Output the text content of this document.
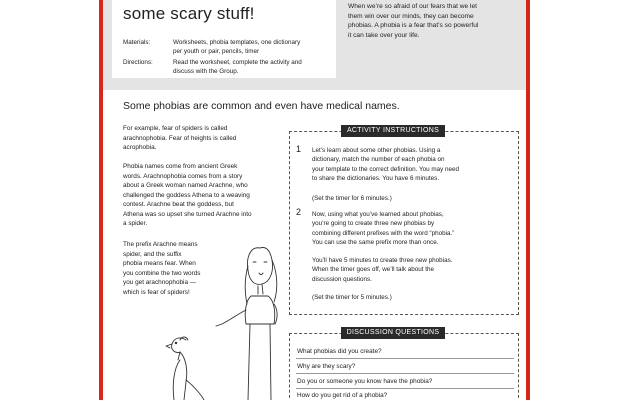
some scary stuff!
Materials:	Worksheets, phobia templates, one dictionary
per youth or pair, pencils, timer
Directions:	Read the worksheet, complete the activity and
discuss with the Group.
When we’re so afraid of our fears that we let
them win over our minds, they can become
phobias. A phobia is a fear that’s so powerful
it can take over your life.
Some phobias are common and even have medical names.
For example, fear of spiders is called
arachnophobia. Fear of heights is called
acrophobia.
Phobia names come from ancient Greek
words. Arachnophobia comes from a story
about a Greek woman named Arachne, who
challenged the goddess Athena to a weaving
contest. Arachne beat the goddess, but
Athena was so upset she turned Arachne into
a spider.
The prefix Arachne means
spider, and the suffix
phobia means fear. When
you combine the two words
you get arachnophobia —
which is fear of spiders!
ACTIVITY INSTRUCTIONS
1 Let’s learn about some other phobias. Using a
dictionary, match the number of each phobia on
your template to the correct definition. You may need
to share the dictionaries. You have 6 minutes.
(Set the timer for 6 minutes.)
2 Now, using what you’ve learned about phobias,
you’re going to create three new phobias by
combining different prefixes with the word “phobia.”
You can use the same prefix more than once.
You’ll have 5 minutes to create three new phobias.
When the timer goes off, we’ll talk about the
discussion questions.
(Set the timer for 5 minutes.)
DISCUSSION QUESTIONS
What phobias did you create?
Why are they scary?
Do you or someone you know have the phobia?
How do you get rid of a phobia?
